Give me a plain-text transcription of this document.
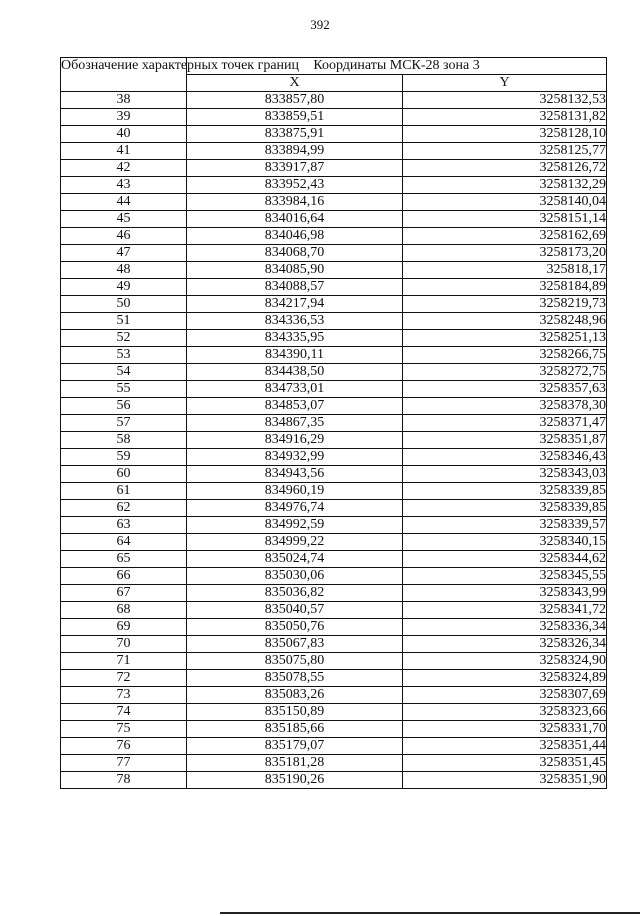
392
Обозначение характерных точек границ	Координаты МСК-28 зона 3	
	X	Y
38	833857,80	3258132,53
39	833859,51	3258131,82
40	833875,91	3258128,10
41	833894,99	3258125,77
42	833917,87	3258126,72
43	833952,43	3258132,29
44	833984,16	3258140,04
45	834016,64	3258151,14
46	834046,98	3258162,69
47	834068,70	3258173,20
48	834085,90	325818,17
49	834088,57	3258184,89
50	834217,94	3258219,73
51	834336,53	3258248,96
52	834335,95	3258251,13
53	834390,11	3258266,75
54	834438,50	3258272,75
55	834733,01	3258357,63
56	834853,07	3258378,30
57	834867,35	3258371,47
58	834916,29	3258351,87
59	834932,99	3258346,43
60	834943,56	3258343,03
61	834960,19	3258339,85
62	834976,74	3258339,85
63	834992,59	3258339,57
64	834999,22	3258340,15
65	835024,74	3258344,62
66	835030,06	3258345,55
67	835036,82	3258343,99
68	835040,57	3258341,72
69	835050,76	3258336,34
70	835067,83	3258326,34
71	835075,80	3258324,90
72	835078,55	3258324,89
73	835083,26	3258307,69
74	835150,89	3258323,66
75	835185,66	3258331,70
76	835179,07	3258351,44
77	835181,28	3258351,45
78	835190,26	3258351,90
